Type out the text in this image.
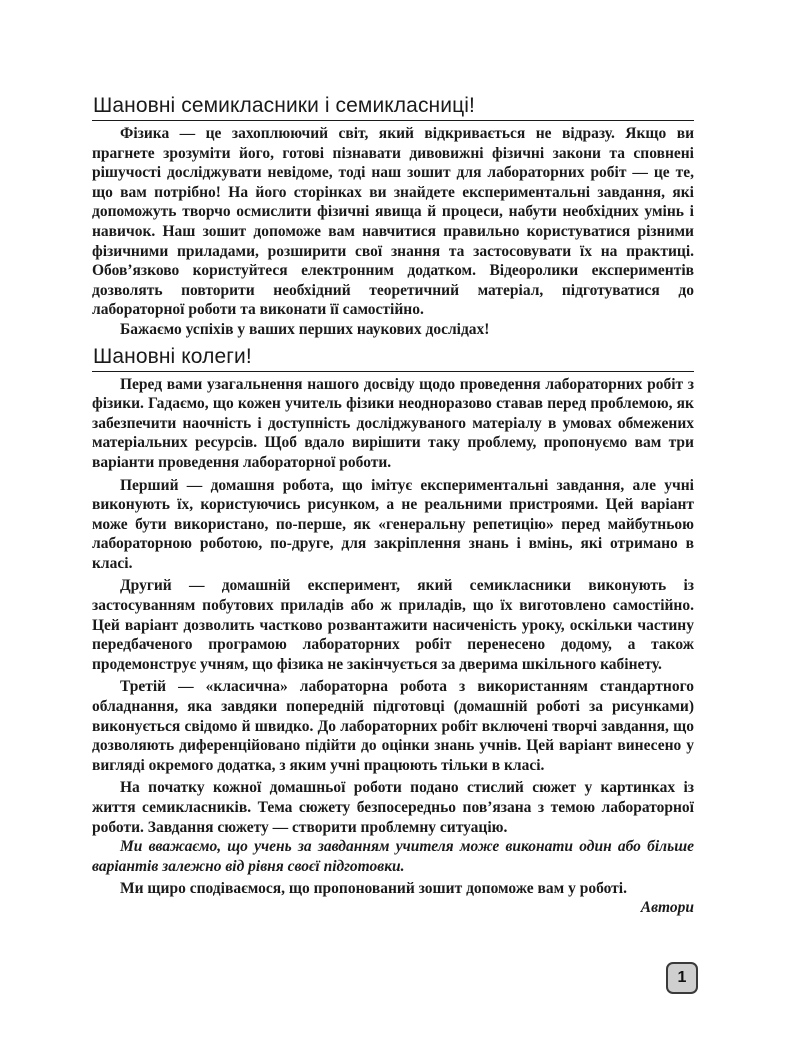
Шановні семикласники і семикласниці!

Фізика — це захоплюючий світ, який відкривається не відразу. Якщо ви прагнете зрозуміти його, готові пізнавати дивовижні фізичні закони та сповнені рішучості досліджувати невідоме, тоді наш зошит для лабораторних робіт — це те, що вам потрібно! На його сторінках ви знайдете експериментальні завдання, які допоможуть творчо осмислити фізичні явища й процеси, набути необхідних умінь і навичок. Наш зошит допоможе вам навчитися правильно користуватися різними фізичними приладами, розширити свої знання та застосовувати їх на практиці. Обов’язково користуйтеся електронним додатком. Відеоролики експериментів дозволять повторити необхідний теоретичний матеріал, підготуватися до лабораторної роботи та виконати її самостійно.

Бажаємо успіхів у ваших перших наукових дослідах!

Шановні колеги!

Перед вами узагальнення нашого досвіду щодо проведення лабораторних робіт з фізики. Гадаємо, що кожен учитель фізики неодноразово ставав перед проблемою, як забезпечити наочність і доступність досліджуваного матеріалу в умовах обмежених матеріальних ресурсів. Щоб вдало вирішити таку проблему, пропонуємо вам три варіанти проведення лабораторної роботи.

Перший — домашня робота, що імітує експериментальні завдання, але учні виконують їх, користуючись рисунком, а не реальними пристроями. Цей варіант може бути використано, по-перше, як «генеральну репетицію» перед майбутньою лабораторною роботою, по-друге, для закріплення знань і вмінь, які отримано в класі.

Другий — домашній експеримент, який семикласники виконують із застосуванням побутових приладів або ж приладів, що їх виготовлено самостійно. Цей варіант дозволить частково розвантажити насиченість уроку, оскільки частину передбаченого програмою лабораторних робіт перенесено додому, а також продемонструє учням, що фізика не закінчується за дверима шкільного кабінету.

Третій — «класична» лабораторна робота з використанням стандартного обладнання, яка завдяки попередній підготовці (домашній роботі за рисунками) виконується свідомо й швидко. До лабораторних робіт включені творчі завдання, що дозволяють диференційовано підійти до оцінки знань учнів. Цей варіант винесено у вигляді окремого додатка, з яким учні працюють тільки в класі.

На початку кожної домашньої роботи подано стислий сюжет у картинках із життя семикласників. Тема сюжету безпосередньо пов’язана з темою лабораторної роботи. Завдання сюжету — створити проблемну ситуацію.

Ми вважаємо, що учень за завданням учителя може виконати один або більше варіантів залежно від рівня своєї підготовки.

Ми щиро сподіваємося, що пропонований зошит допоможе вам у роботі.

Автори

1
